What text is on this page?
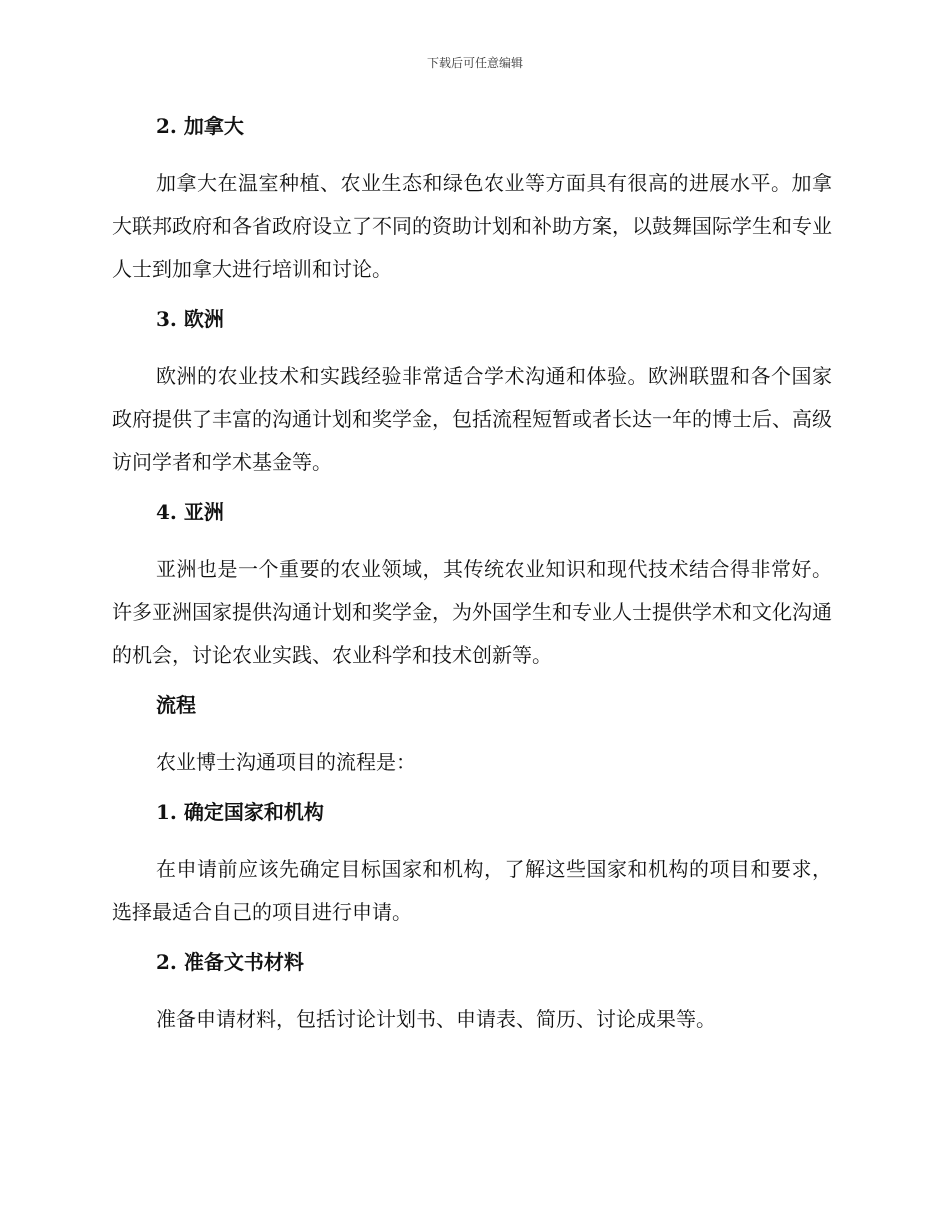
下载后可任意编辑
2. 加拿大

加拿大在温室种植、农业生态和绿色农业等方面具有很高的进展水平。加拿大联邦政府和各省政府设立了不同的资助计划和补助方案，以鼓舞国际学生和专业人士到加拿大进行培训和讨论。

3. 欧洲

欧洲的农业技术和实践经验非常适合学术沟通和体验。欧洲联盟和各个国家政府提供了丰富的沟通计划和奖学金，包括流程短暂或者长达一年的博士后、高级访问学者和学术基金等。

4. 亚洲

亚洲也是一个重要的农业领域，其传统农业知识和现代技术结合得非常好。许多亚洲国家提供沟通计划和奖学金，为外国学生和专业人士提供学术和文化沟通的机会，讨论农业实践、农业科学和技术创新等。

流程

农业博士沟通项目的流程是：

1. 确定国家和机构

在申请前应该先确定目标国家和机构，了解这些国家和机构的项目和要求，选择最适合自己的项目进行申请。

2. 准备文书材料

准备申请材料，包括讨论计划书、申请表、简历、讨论成果等。
